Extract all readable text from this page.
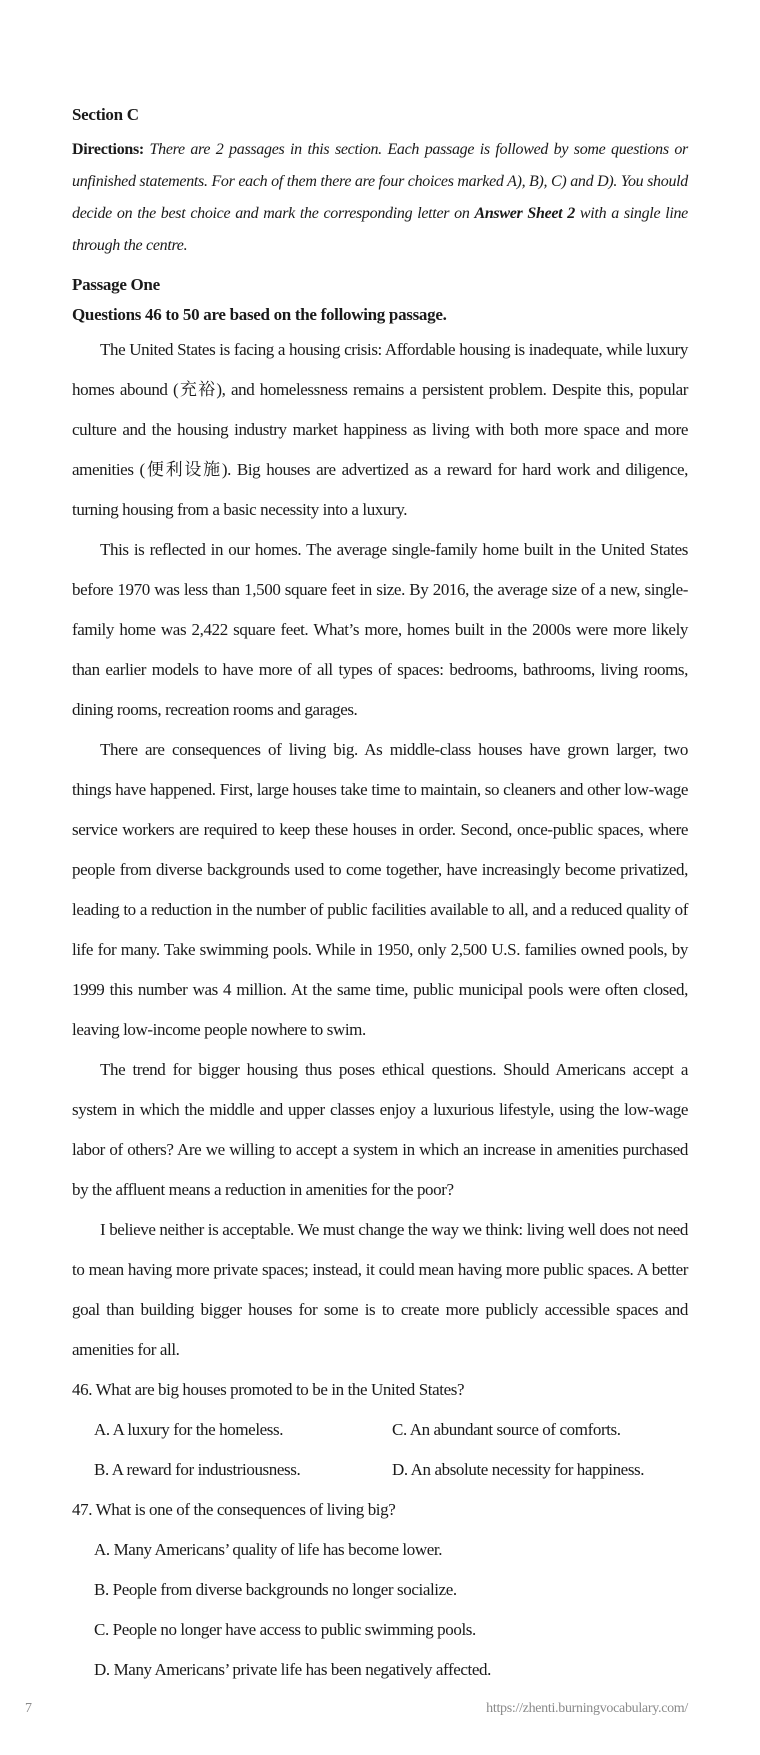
Section C

Directions: There are 2 passages in this section. Each passage is followed by some questions or unfinished statements. For each of them there are four choices marked A), B), C) and D). You should decide on the best choice and mark the corresponding letter on Answer Sheet 2 with a single line through the centre.

Passage One
Questions 46 to 50 are based on the following passage.

The United States is facing a housing crisis: Affordable housing is inadequate, while luxury homes abound (充裕), and homelessness remains a persistent problem. Despite this, popular culture and the housing industry market happiness as living with both more space and more amenities (便利设施). Big houses are advertized as a reward for hard work and diligence, turning housing from a basic necessity into a luxury.

This is reflected in our homes. The average single-family home built in the United States before 1970 was less than 1,500 square feet in size. By 2016, the average size of a new, single-family home was 2,422 square feet. What’s more, homes built in the 2000s were more likely than earlier models to have more of all types of spaces: bedrooms, bathrooms, living rooms, dining rooms, recreation rooms and garages.

There are consequences of living big. As middle-class houses have grown larger, two things have happened. First, large houses take time to maintain, so cleaners and other low-wage service workers are required to keep these houses in order. Second, once-public spaces, where people from diverse backgrounds used to come together, have increasingly become privatized, leading to a reduction in the number of public facilities available to all, and a reduced quality of life for many. Take swimming pools. While in 1950, only 2,500 U.S. families owned pools, by 1999 this number was 4 million. At the same time, public municipal pools were often closed, leaving low-income people nowhere to swim.

The trend for bigger housing thus poses ethical questions. Should Americans accept a system in which the middle and upper classes enjoy a luxurious lifestyle, using the low-wage labor of others? Are we willing to accept a system in which an increase in amenities purchased by the affluent means a reduction in amenities for the poor?

I believe neither is acceptable. We must change the way we think: living well does not need to mean having more private spaces; instead, it could mean having more public spaces. A better goal than building bigger houses for some is to create more publicly accessible spaces and amenities for all.

46. What are big houses promoted to be in the United States?
A. A luxury for the homeless.	C. An abundant source of comforts.
B. A reward for industriousness.	D. An absolute necessity for happiness.
47. What is one of the consequences of living big?
A. Many Americans’ quality of life has become lower.
B. People from diverse backgrounds no longer socialize.
C. People no longer have access to public swimming pools.
D. Many Americans’ private life has been negatively affected.
7	https://zhenti.burningvocabulary.com/
